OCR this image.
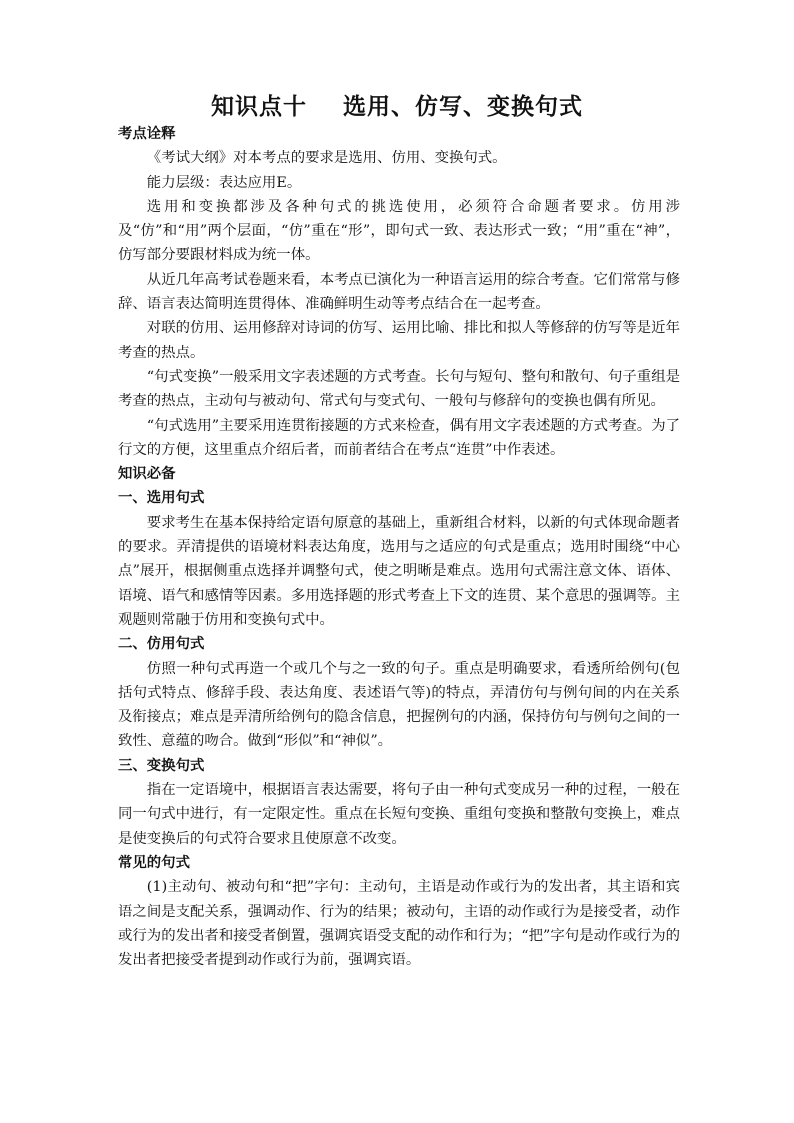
知识点十    选用、仿写、变换句式

考点诠释

《考试大纲》对本考点的要求是选用、仿用、变换句式。

能力层级：表达应用E。

选用和变换都涉及各种句式的挑选使用，必须符合命题者要求。仿用涉及“仿”和“用”两个层面，“仿”重在“形”，即句式一致、表达形式一致；“用”重在“神”，仿写部分要跟材料成为统一体。

从近几年高考试卷题来看，本考点已演化为一种语言运用的综合考查。它们常常与修辞、语言表达简明连贯得体、准确鲜明生动等考点结合在一起考查。

对联的仿用、运用修辞对诗词的仿写、运用比喻、排比和拟人等修辞的仿写等是近年考查的热点。

“句式变换”一般采用文字表述题的方式考查。长句与短句、整句和散句、句子重组是考查的热点，主动句与被动句、常式句与变式句、一般句与修辞句的变换也偶有所见。

“句式选用”主要采用连贯衔接题的方式来检查，偶有用文字表述题的方式考查。为了行文的方便，这里重点介绍后者，而前者结合在考点“连贯”中作表述。

知识必备

一、选用句式

要求考生在基本保持给定语句原意的基础上，重新组合材料，以新的句式体现命题者的要求。弄清提供的语境材料表达角度，选用与之适应的句式是重点；选用时围绕“中心点”展开，根据侧重点选择并调整句式，使之明晰是难点。选用句式需注意文体、语体、语境、语气和感情等因素。多用选择题的形式考查上下文的连贯、某个意思的强调等。主观题则常融于仿用和变换句式中。

二、仿用句式

仿照一种句式再造一个或几个与之一致的句子。重点是明确要求，看透所给例句(包括句式特点、修辞手段、表达角度、表述语气等)的特点，弄清仿句与例句间的内在关系及衔接点；难点是弄清所给例句的隐含信息，把握例句的内涵，保持仿句与例句之间的一致性、意蕴的吻合。做到“形似”和“神似”。

三、变换句式

指在一定语境中，根据语言表达需要，将句子由一种句式变成另一种的过程，一般在同一句式中进行，有一定限定性。重点在长短句变换、重组句变换和整散句变换上，难点是使变换后的句式符合要求且使原意不改变。

常见的句式

(1)主动句、被动句和“把”字句：主动句，主语是动作或行为的发出者，其主语和宾语之间是支配关系，强调动作、行为的结果；被动句，主语的动作或行为是接受者，动作或行为的发出者和接受者倒置，强调宾语受支配的动作和行为；“把”字句是动作或行为的发出者把接受者提到动作或行为前，强调宾语。
